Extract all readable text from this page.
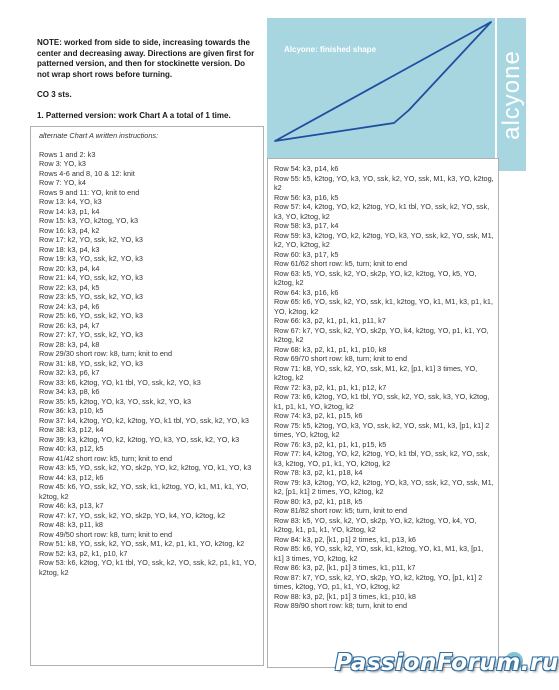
NOTE: worked from side to side, increasing towards the center and decreasing away. Directions are given first for patterned version, and then for stockinette version. Do not wrap short rows before turning.

CO 3 sts.

1. Patterned version: work Chart A a total of 1 time.

Alcyone: finished shape
alcyone
alternate Chart A written instructions:
Rows 1 and 2: k3
Row 3: YO, k3
Rows 4-6 and 8, 10 & 12: knit
Row 7: YO, k4
Rows 9 and 11: YO, knit to end
Row 13: k4, YO, k3
Row 14: k3, p1, k4
Row 15: k3, YO, k2tog, YO, k3
Row 16: k3, p4, k2
Row 17: k2, YO, ssk, k2, YO, k3
Row 18: k3, p4, k3
Row 19: k3, YO, ssk, k2, YO, k3
Row 20: k3, p4, k4
Row 21: k4, YO, ssk, k2, YO, k3
Row 22: k3, p4, k5
Row 23: k5, YO, ssk, k2, YO, k3
Row 24: k3, p4, k6
Row 25: k6, YO, ssk, k2, YO, k3
Row 26: k3, p4, k7
Row 27: k7, YO, ssk, k2, YO, k3
Row 28: k3, p4, k8
Row 29/30 short row: k8, turn; knit to end
Row 31: k8, YO, ssk, k2, YO, k3
Row 32: k3, p6, k7
Row 33: k6, k2tog, YO, k1 tbl, YO, ssk, k2, YO, k3
Row 34: k3, p8, k6
Row 35: k5, k2tog, YO, k3, YO, ssk, k2, YO, k3
Row 36: k3, p10, k5
Row 37: k4, k2tog, YO, k2, k2tog, YO, k1 tbl, YO, ssk, k2, YO, k3
Row 38: k3, p12, k4
Row 39: k3, k2tog, YO, k2, k2tog, YO, k3, YO, ssk, k2, YO, k3
Row 40: k3, p12, k5
Row 41/42 short row: k5, turn; knit to end
Row 43: k5, YO, ssk, k2, YO, sk2p, YO, k2, k2tog, YO, k1, YO, k3
Row 44: k3, p12, k6
Row 45: k6, YO, ssk, k2, YO, ssk, k1, k2tog, YO, k1, M1, k1, YO, k2tog, k2
Row 46: k3, p13, k7
Row 47: k7, YO, ssk, k2, YO, sk2p, YO, k4, YO, k2tog, k2
Row 48: k3, p11, k8
Row 49/50 short row: k8, turn; knit to end
Row 51: k8, YO, ssk, k2, YO, ssk, M1, k2, p1, k1, YO, k2tog, k2
Row 52: k3, p2, k1, p10, k7
Row 53: k6, k2tog, YO, k1 tbl, YO, ssk, k2, YO, ssk, k2, p1, k1, YO, k2tog, k2
Row 54: k3, p14, k6
Row 55: k5, k2tog, YO, k3, YO, ssk, k2, YO, ssk, M1, k3, YO, k2tog, k2
Row 56: k3, p16, k5
Row 57: k4, k2tog, YO, k2, k2tog, YO, k1 tbl, YO, ssk, k2, YO, ssk, k3, YO, k2tog, k2
Row 58: k3, p17, k4
Row 59: k3, k2tog, YO, k2, k2tog, YO, k3, YO, ssk, k2, YO, ssk, M1, k2, YO, k2tog, k2
Row 60: k3, p17, k5
Row 61/62 short row: k5, turn; knit to end
Row 63: k5, YO, ssk, k2, YO, sk2p, YO, k2, k2tog, YO, k5, YO, k2tog, k2
Row 64: k3, p16, k6
Row 65: k6, YO, ssk, k2, YO, ssk, k1, k2tog, YO, k1, M1, k3, p1, k1, YO, k2tog, k2
Row 66: k3, p2, k1, p1, k1, p11, k7
Row 67: k7, YO, ssk, k2, YO, sk2p, YO, k4, k2tog, YO, p1, k1, YO, k2tog, k2
Row 68: k3, p2, k1, p1, k1, p10, k8
Row 69/70 short row: k8, turn; knit to end
Row 71: k8, YO, ssk, k2, YO, ssk, M1, k2, [p1, k1] 3 times, YO, k2tog, k2
Row 72: k3, p2, k1, p1, k1, p12, k7
Row 73: k6, k2tog, YO, k1 tbl, YO, ssk, k2, YO, ssk, k3, YO, k2tog, k1, p1, k1, YO, k2tog, k2
Row 74: k3, p2, k1, p15, k6
Row 75: k5, k2tog, YO, k3, YO, ssk, k2, YO, ssk, M1, k3, [p1, k1] 2 times, YO, k2tog, k2
Row 76: k3, p2, k1, p1, k1, p15, k5
Row 77: k4, k2tog, YO, k2, k2tog, YO, k1 tbl, YO, ssk, k2, YO, ssk, k3, k2tog, YO, p1, k1, YO, k2tog, k2
Row 78: k3, p2, k1, p18, k4
Row 79: k3, k2tog, YO, k2, k2tog, YO, k3, YO, ssk, k2, YO, ssk, M1, k2, [p1, k1] 2 times, YO, k2tog, k2
Row 80: k3, p2, k1, p18, k5
Row 81/82 short row: k5; turn, knit to end
Row 83: k5, YO, ssk, k2, YO, sk2p, YO, k2, k2tog, YO, k4, YO, k2tog, k1, p1, k1, YO, k2tog, k2
Row 84: k3, p2, [k1, p1] 2 times, k1, p13, k6
Row 85: k6, YO, ssk, k2, YO, ssk, k1, k2tog, YO, k1, M1, k3, [p1, k1] 3 times, YO, k2tog, k2
Row 86: k3, p2, [k1, p1] 3 times, k1, p11, k7
Row 87: k7, YO, ssk, k2, YO, sk2p, YO, k2, k2tog, YO, [p1, k1] 2 times, k2tog, YO, p1, k1, YO, k2tog, k2
Row 88: k3, p2, [k1, p1] 3 times, k1, p10, k8
Row 89/90 short row: k8; turn, knit to end
PassionForum.ru
